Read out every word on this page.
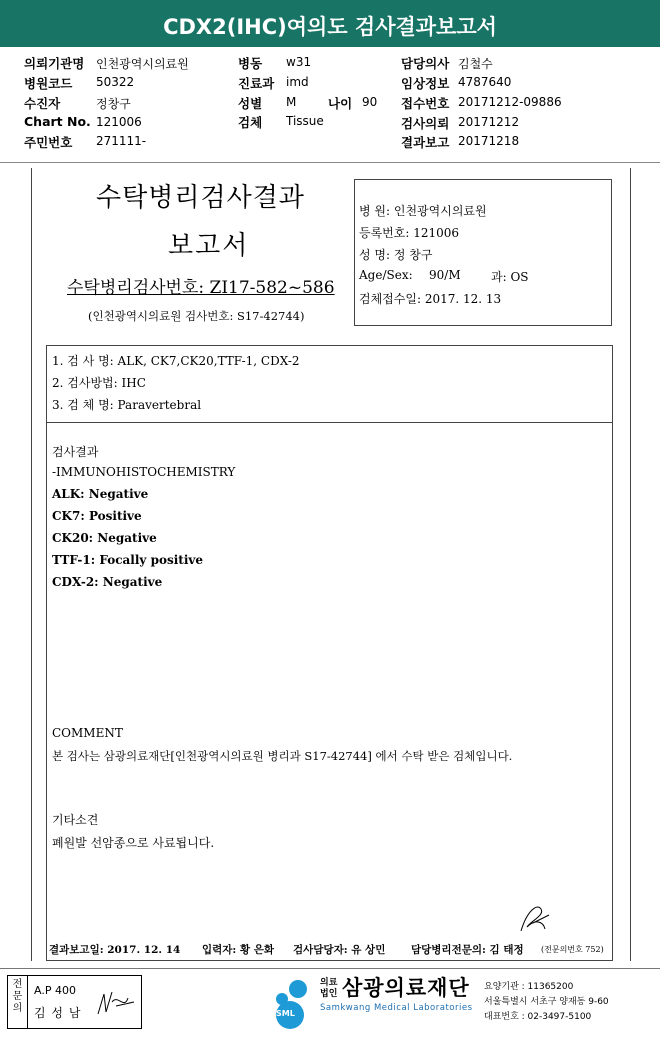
CDX2(IHC)여의도 검사결과보고서
의뢰기관명 인천광역시의료원
병원코드 50322
수진자	정창구
Chart No. 121006
주민번호 271111-
병동 w31
진료과 imd
성별 M	나이 90
검체 Tissue
담당의사 김철수
임상정보 4787640
접수번호 20171212-09886
검사의뢰 20171212
결과보고 20171218
수탁병리검사결과
보고서
수탁병리검사번호: ZI17-582~586
(인천광역시의료원 검사번호: S17-42744)
병 원: 인천광역시의료원
등록번호: 121006
성 명: 정 창구
Age/Sex: 90/M	과: OS
검체접수일: 2017. 12. 13
1. 검 사 명: ALK, CK7,CK20,TTF-1, CDX-2
2. 검사방법: IHC
3. 검 체 명: Paravertebral
검사결과
-IMMUNOHISTOCHEMISTRY
ALK: Negative
CK7: Positive
CK20: Negative
TTF-1: Focally positive
CDX-2: Negative
COMMENT
본 검사는 삼광의료재단[인천광역시의료원 병리과 S17-42744] 에서 수탁 받은 검체입니다.
기타소견
폐원발 선암종으로 사료됩니다.
결과보고일: 2017. 12. 14 입력자: 황 은화 검사담당자: 유 상민 담당병리전문의: 김 태정 (전문의번호 752)
전문의
A.P 400
김 성 남	SML
의료
법인 삼광의료재단
Samkwang Medical Laboratories
요양기관 : 11365200
서울특별시 서초구 양재동 9-60
대표번호 : 02-3497-5100
